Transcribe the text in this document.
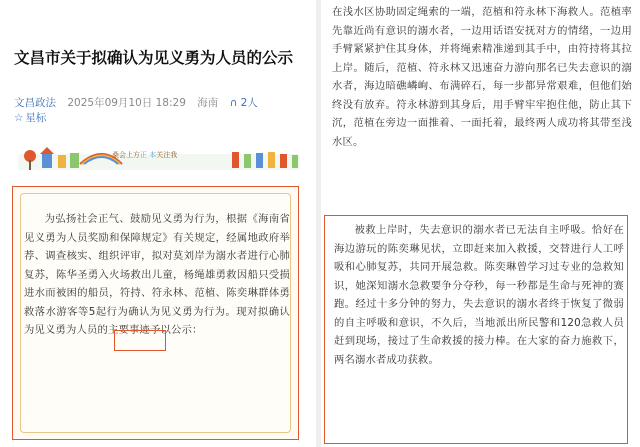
文昌市关于拟确认为见义勇为人员的公示
文昌政法 2025年09月10日 18:29 海南 ∩ 2人
☆ 星标
桑会上方正 本关注我
为弘扬社会正气、鼓励见义勇为行为，根据《海南省见义勇为人员奖励和保障规定》有关规定，经属地政府举荐、调查核实、组织评审，拟对莫刘岸为溺水者进行心肺复苏，陈华圣勇入火场救出儿童，杨绳雄勇救因船只受损进水而被困的船员，符持、符永林、范植、陈奕琳群体勇救落水游客等5起行为确认为见义勇为行为。现对拟确认为见义勇为人员的主要事迹予以公示：
在浅水区协助固定绳索的一端，范植和符永林下海救人。范植率先靠近尚有意识的溺水者，一边用话语安抚对方的情绪，一边用手臂紧紧护住其身体，并将绳索精准递到其手中，由符持将其拉上岸。随后，范植、符永林又迅速奋力游向那名已失去意识的溺水者，海边暗礁嶙峋、布满碎石，每一步都异常艰难，但他们始终没有放弃。符永林游到其身后，用手臂牢牢抱住他，防止其下沉，范植在旁边一面推着、一面托着，最终两人成功将其带至浅水区。
被救上岸时，失去意识的溺水者已无法自主呼吸。恰好在海边游玩的陈奕琳见状，立即赶来加入救援，交替进行人工呼吸和心肺复苏，共同开展急救。陈奕琳曾学习过专业的急救知识，她深知溺水急救要争分夺秒，每一秒都是生命与死神的赛跑。经过十多分钟的努力，失去意识的溺水者终于恢复了微弱的自主呼吸和意识，不久后，当地派出所民警和120急救人员赶到现场，接过了生命救援的接力棒。在大家的奋力施救下，两名溺水者成功获救。
